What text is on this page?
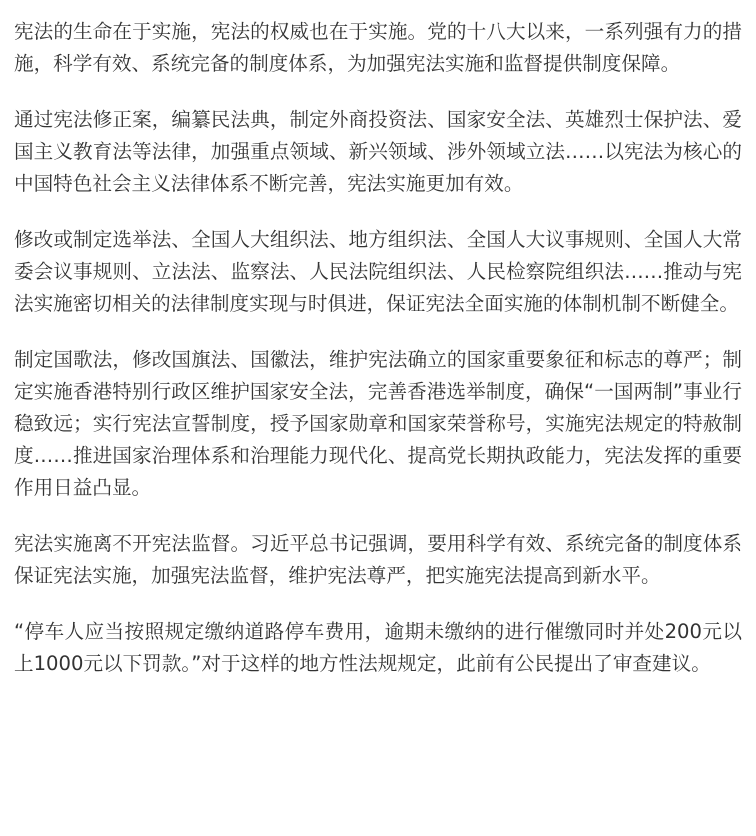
宪法的生命在于实施，宪法的权威也在于实施。党的十八大以来，一系列强有力的措施，科学有效、系统完备的制度体系，为加强宪法实施和监督提供制度保障。

通过宪法修正案，编纂民法典，制定外商投资法、国家安全法、英雄烈士保护法、爱国主义教育法等法律，加强重点领域、新兴领域、涉外领域立法……以宪法为核心的中国特色社会主义法律体系不断完善，宪法实施更加有效。

修改或制定选举法、全国人大组织法、地方组织法、全国人大议事规则、全国人大常委会议事规则、立法法、监察法、人民法院组织法、人民检察院组织法……推动与宪法实施密切相关的法律制度实现与时俱进，保证宪法全面实施的体制机制不断健全。

制定国歌法，修改国旗法、国徽法，维护宪法确立的国家重要象征和标志的尊严；制定实施香港特别行政区维护国家安全法，完善香港选举制度，确保“一国两制”事业行稳致远；实行宪法宣誓制度，授予国家勋章和国家荣誉称号，实施宪法规定的特赦制度……推进国家治理体系和治理能力现代化、提高党长期执政能力，宪法发挥的重要作用日益凸显。

宪法实施离不开宪法监督。习近平总书记强调，要用科学有效、系统完备的制度体系保证宪法实施，加强宪法监督，维护宪法尊严，把实施宪法提高到新水平。

“停车人应当按照规定缴纳道路停车费用，逾期未缴纳的进行催缴同时并处200元以上1000元以下罚款。”对于这样的地方性法规规定，此前有公民提出了审查建议。
